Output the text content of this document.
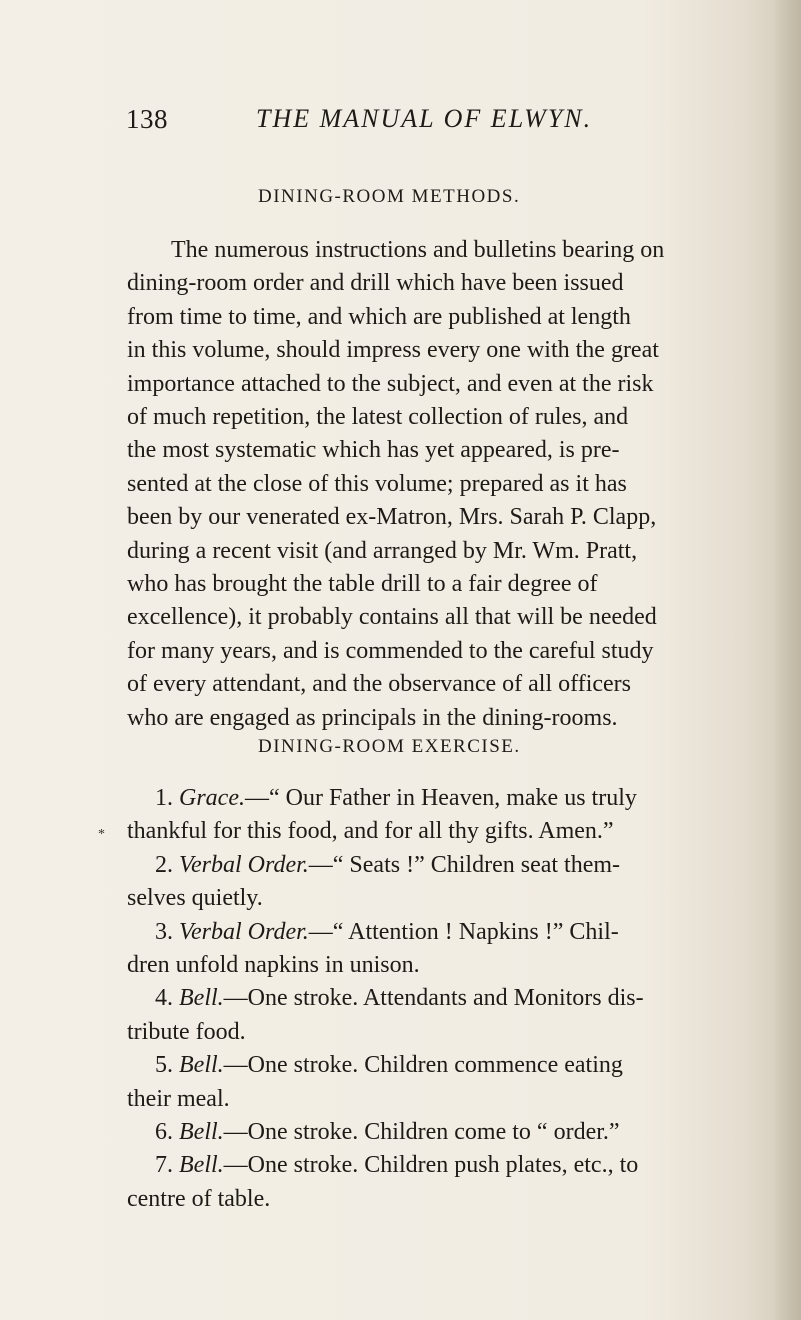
138	THE MANUAL OF ELWYN.
DINING-ROOM METHODS.
The numerous instructions and bulletins bearing on
dining-room order and drill which have been issued
from time to time, and which are published at length
in this volume, should impress every one with the great
importance attached to the subject, and even at the risk
of much repetition, the latest collection of rules, and
the most systematic which has yet appeared, is pre-
sented at the close of this volume; prepared as it has
been by our venerated ex-Matron, Mrs. Sarah P. Clapp,
during a recent visit (and arranged by Mr. Wm. Pratt,
who has brought the table drill to a fair degree of
excellence), it probably contains all that will be needed
for many years, and is commended to the careful study
of every attendant, and the observance of all officers
who are engaged as principals in the dining-rooms.
DINING-ROOM EXERCISE.
*
1. Grace.—“ Our Father in Heaven, make us truly
thankful for this food, and for all thy gifts. Amen.”
2. Verbal Order.—“ Seats !” Children seat them-
selves quietly.
3. Verbal Order.—“ Attention ! Napkins !” Chil-
dren unfold napkins in unison.
4. Bell.—One stroke. Attendants and Monitors dis-
tribute food.
5. Bell.—One stroke. Children commence eating
their meal.
6. Bell.—One stroke. Children come to “ order.”
7. Bell.—One stroke. Children push plates, etc., to
centre of table.
